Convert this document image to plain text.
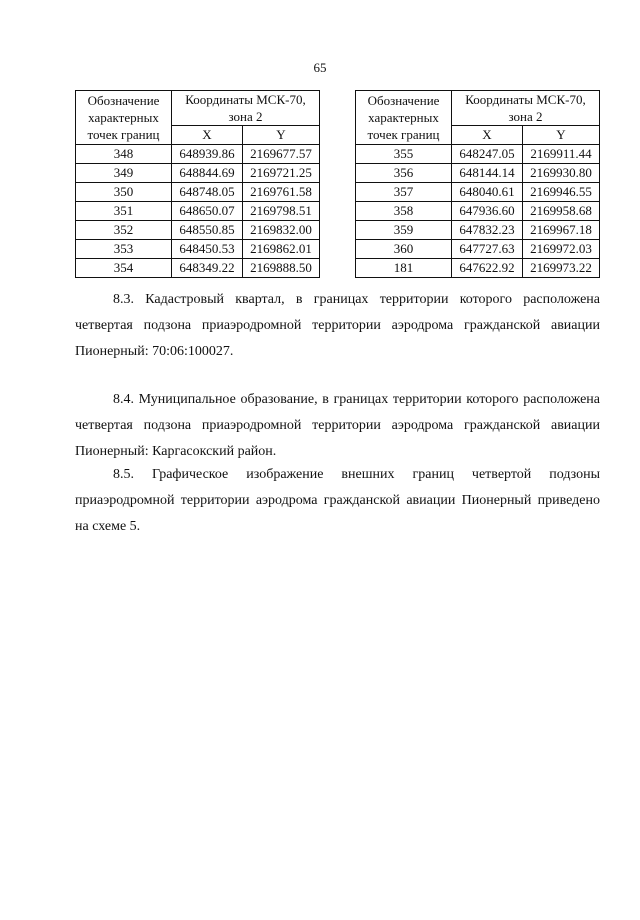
65
Обозначение характерных точек границ	Координаты МСК-70, зона 2	
	X	Y
348	648939.86	2169677.57
349	648844.69	2169721.25
350	648748.05	2169761.58
351	648650.07	2169798.51
352	648550.85	2169832.00
353	648450.53	2169862.01
354	648349.22	2169888.50
Обозначение характерных точек границ	Координаты МСК-70, зона 2	
	X	Y
355	648247.05	2169911.44
356	648144.14	2169930.80
357	648040.61	2169946.55
358	647936.60	2169958.68
359	647832.23	2169967.18
360	647727.63	2169972.03
181	647622.92	2169973.22

8.3. Кадастровый квартал, в границах территории которого расположена четвертая подзона приаэродромной территории аэродрома гражданской авиации Пионерный: 70:06:100027.

8.4. Муниципальное образование, в границах территории которого расположена четвертая подзона приаэродромной территории аэродрома гражданской авиации Пионерный: Каргасокский район.

8.5. Графическое изображение внешних границ четвертой подзоны приаэродромной территории аэродрома гражданской авиации Пионерный приведено на схеме 5.
